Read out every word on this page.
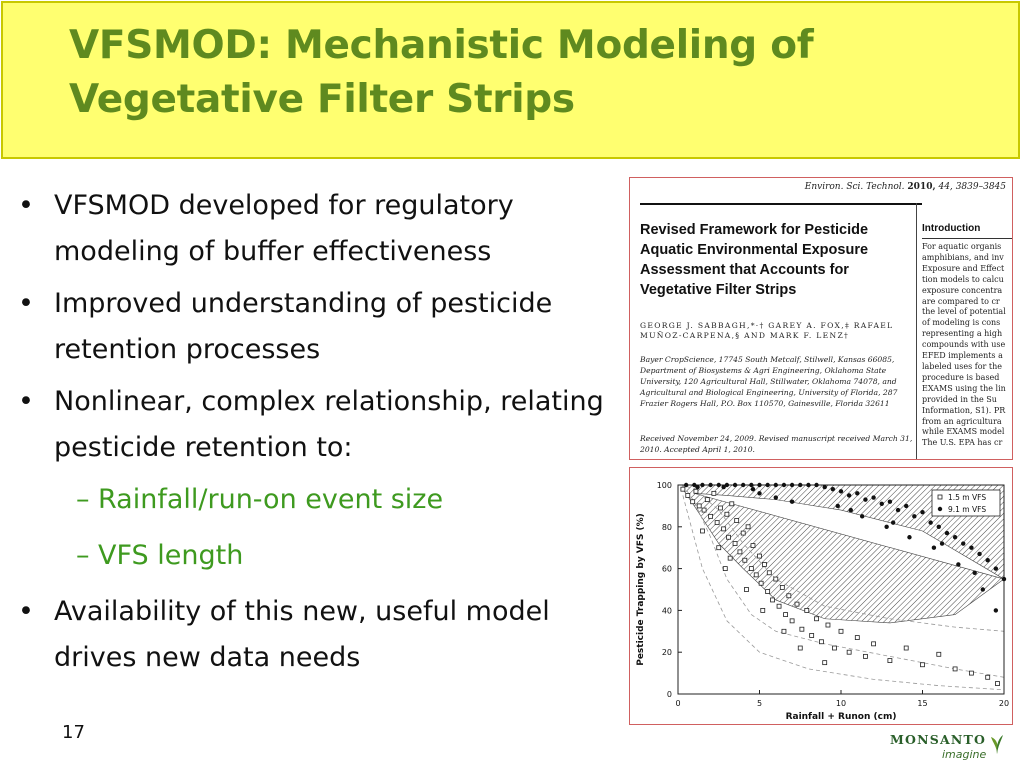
VFSMOD: Mechanistic Modeling of Vegetative Filter Strips
• VFSMOD developed for regulatory modeling of buffer effectiveness
• Improved understanding of pesticide retention processes
• Nonlinear, complex relationship, relating pesticide retention to:
– Rainfall/run-on event size
– VFS length
• Availability of this new, useful model drives new data needs
17
Environ. Sci. Technol. 2010, 44, 3839–3845
Revised Framework for Pesticide Aquatic Environmental Exposure Assessment that Accounts for Vegetative Filter Strips
GEORGE J. SABBAGH,*·† GAREY A. FOX,‡ RAFAEL MUÑOZ-CARPENA,§ AND MARK F. LENZ†
Bayer CropScience, 17745 South Metcalf, Stilwell, Kansas 66085, Department of Biosystems & Agri Engineering, Oklahoma State University, 120 Agricultural Hall, Stillwater, Oklahoma 74078, and Agricultural and Biological Engineering, University of Florida, 287 Frazier Rogers Hall, P.O. Box 110570, Gainesville, Florida 32611
Received November 24, 2009. Revised manuscript received March 31, 2010. Accepted April 1, 2010.
Introduction
For aquatic organis
amphibians, and inv
Exposure and Effect
tion models to calcu
exposure concentra
are compared to cr
the level of potential
of modeling is cons
representing a high
compounds with use
EFED implements a
labeled uses for the
procedure is based
EXAMS using the lin
provided in the Su
Information, S1). PR
from an agricultura
while EXAMS model
The U.S. EPA has cr
0	5	10	15	20
0
20
40
60
80
100
Rainfall + Runon (cm)
Pesticide Trapping by VFS (%)
1.5 m VFS
9.1 m VFS
MONSANTO
imagine
